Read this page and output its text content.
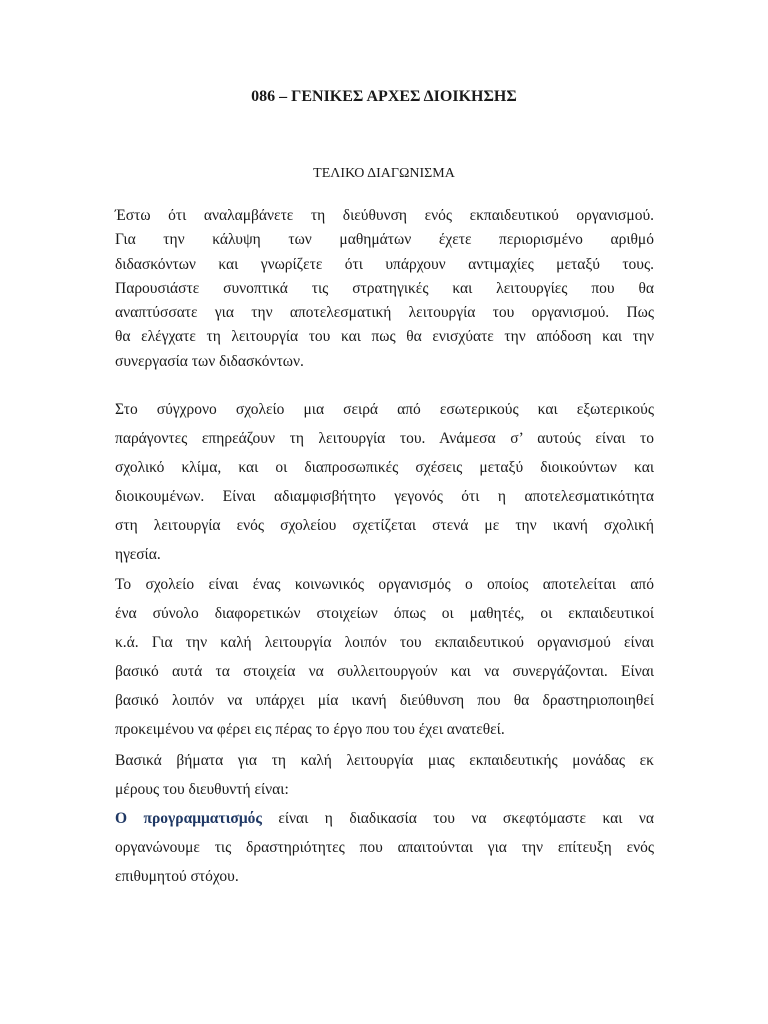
086 – ΓΕΝΙΚΕΣ ΑΡΧΕΣ ΔΙΟΙΚΗΣΗΣ
ΤΕΛΙΚΟ ΔΙΑΓΩΝΙΣΜΑ
Έστω ότι αναλαμβάνετε τη διεύθυνση ενός εκπαιδευτικού οργανισμού.
Για την κάλυψη των μαθημάτων έχετε περιορισμένο αριθμό
διδασκόντων και γνωρίζετε ότι υπάρχουν αντιμαχίες μεταξύ τους.
Παρουσιάστε συνοπτικά τις στρατηγικές και λειτουργίες που θα
αναπτύσσατε για την αποτελεσματική λειτουργία του οργανισμού. Πως
θα ελέγχατε τη λειτουργία του και πως θα ενισχύατε την απόδοση και την
συνεργασία των διδασκόντων.
Στο σύγχρονο σχολείο μια σειρά από εσωτερικούς και εξωτερικούς
παράγοντες επηρεάζουν τη λειτουργία του. Ανάμεσα σ’ αυτούς είναι το
σχολικό κλίμα, και οι διαπροσωπικές σχέσεις μεταξύ διοικούντων και
διοικουμένων. Είναι αδιαμφισβήτητο γεγονός ότι η αποτελεσματικότητα
στη λειτουργία ενός σχολείου σχετίζεται στενά με την ικανή σχολική
ηγεσία.
Το σχολείο είναι ένας κοινωνικός οργανισμός ο οποίος αποτελείται από
ένα σύνολο διαφορετικών στοιχείων όπως οι μαθητές, οι εκπαιδευτικοί
κ.ά. Για την καλή λειτουργία λοιπόν του εκπαιδευτικού οργανισμού είναι
βασικό αυτά τα στοιχεία να συλλειτουργούν και να συνεργάζονται. Είναι
βασικό λοιπόν να υπάρχει μία ικανή διεύθυνση που θα δραστηριοποιηθεί
προκειμένου να φέρει εις πέρας το έργο που του έχει ανατεθεί.
Βασικά βήματα για τη καλή λειτουργία μιας εκπαιδευτικής μονάδας εκ
μέρους του διευθυντή είναι:
Ο προγραμματισμός είναι η διαδικασία του να σκεφτόμαστε και να
οργανώνουμε τις δραστηριότητες που απαιτούνται για την επίτευξη ενός
επιθυμητού στόχου.
